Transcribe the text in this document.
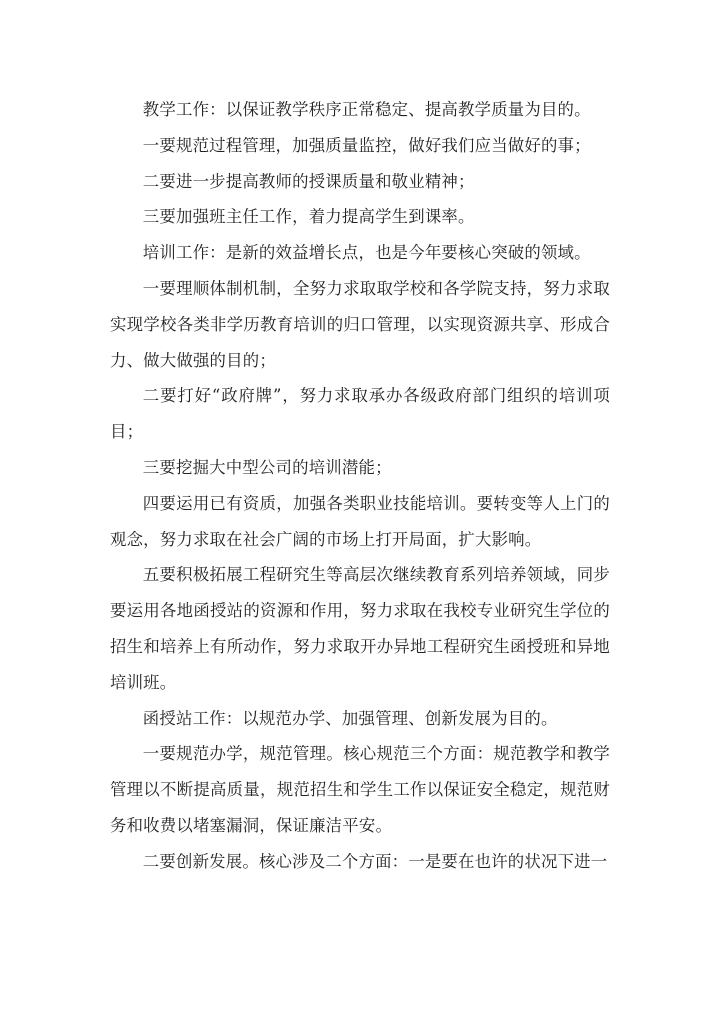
教学工作：以保证教学秩序正常稳定、提高教学质量为目的。

一要规范过程管理，加强质量监控，做好我们应当做好的事；

二要进一步提高教师的授课质量和敬业精神；

三要加强班主任工作，着力提高学生到课率。

培训工作：是新的效益增长点，也是今年要核心突破的领域。

一要理顺体制机制，全努力求取取学校和各学院支持，努力求取实现学校各类非学历教育培训的归口管理，以实现资源共享、形成合力、做大做强的目的；

二要打好“政府牌”，努力求取承办各级政府部门组织的培训项目；

三要挖掘大中型公司的培训潜能；

四要运用已有资质，加强各类职业技能培训。要转变等人上门的观念，努力求取在社会广阔的市场上打开局面，扩大影响。

五要积极拓展工程研究生等高层次继续教育系列培养领域，同步要运用各地函授站的资源和作用，努力求取在我校专业研究生学位的招生和培养上有所动作，努力求取开办异地工程研究生函授班和异地培训班。

函授站工作：以规范办学、加强管理、创新发展为目的。

一要规范办学，规范管理。核心规范三个方面：规范教学和教学管理以不断提高质量，规范招生和学生工作以保证安全稳定，规范财务和收费以堵塞漏洞，保证廉洁平安。

二要创新发展。核心涉及二个方面：一是要在也许的状况下进一
